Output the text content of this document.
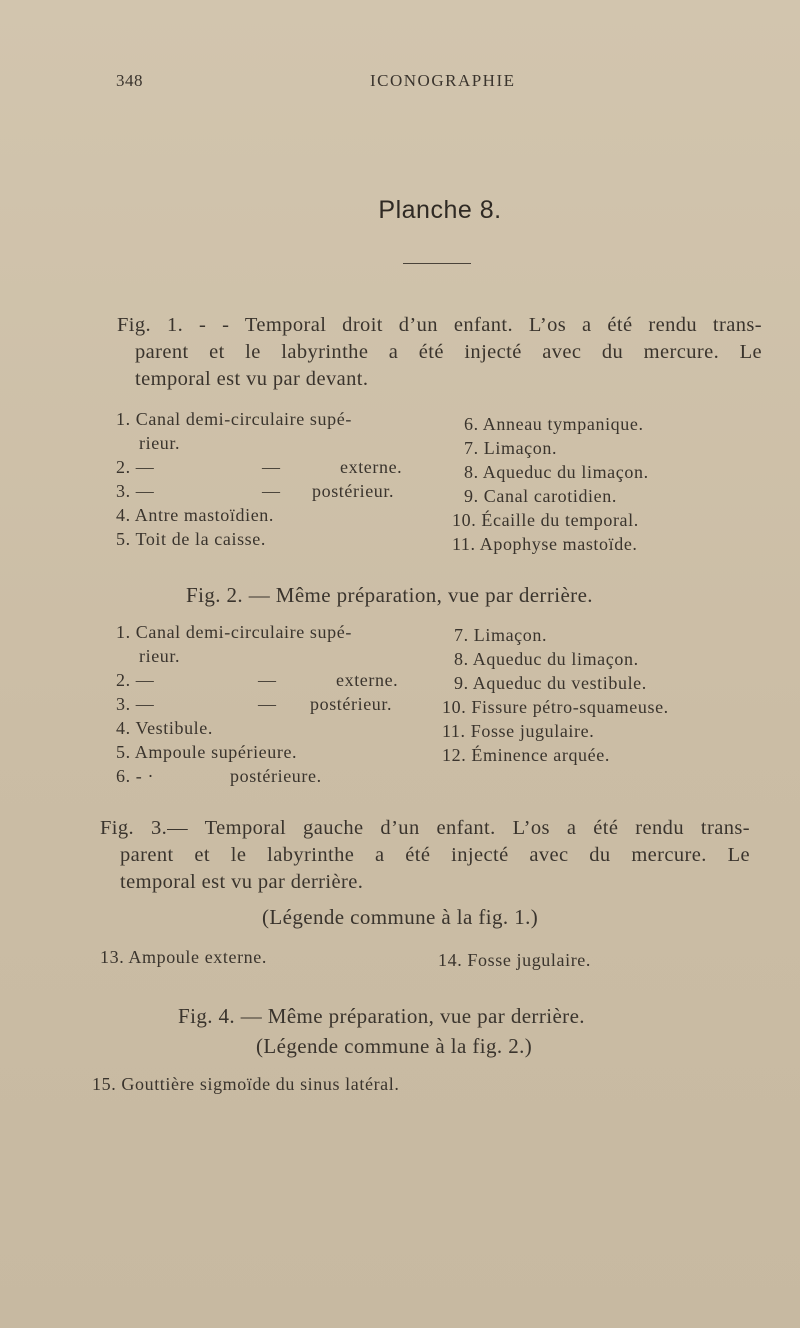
348	ICONOGRAPHIE
Planche 8.
Fig. 1. - - Temporal droit d’un enfant. L’os a été rendu trans-
parent et le labyrinthe a été injecté avec du mercure. Le
temporal est vu par devant.
1. Canal demi-circulaire supé-
rieur.
2. —	—	externe.
3. —	— postérieur.
4. Antre mastoïdien.
5. Toit de la caisse.
6. Anneau tympanique.
7. Limaçon.
8. Aqueduc du limaçon.
9. Canal carotidien.
10. Écaille du temporal.
11. Apophyse mastoïde.
Fig. 2. — Même préparation, vue par derrière.
1. Canal demi-circulaire supé-
rieur.
2. —	—	externe.
3. —	— postérieur.
4. Vestibule.
5. Ampoule supérieure.
6. - ·	postérieure.
7. Limaçon.
8. Aqueduc du limaçon.
9. Aqueduc du vestibule.
10. Fissure pétro-squameuse.
11. Fosse jugulaire.
12. Éminence arquée.
Fig. 3.— Temporal gauche d’un enfant. L’os a été rendu trans-
parent et le labyrinthe a été injecté avec du mercure. Le
temporal est vu par derrière.
(Légende commune à la fig. 1.)
13. Ampoule externe.	14. Fosse jugulaire.
Fig. 4. — Même préparation, vue par derrière.
(Légende commune à la fig. 2.)
15. Gouttière sigmoïde du sinus latéral.
